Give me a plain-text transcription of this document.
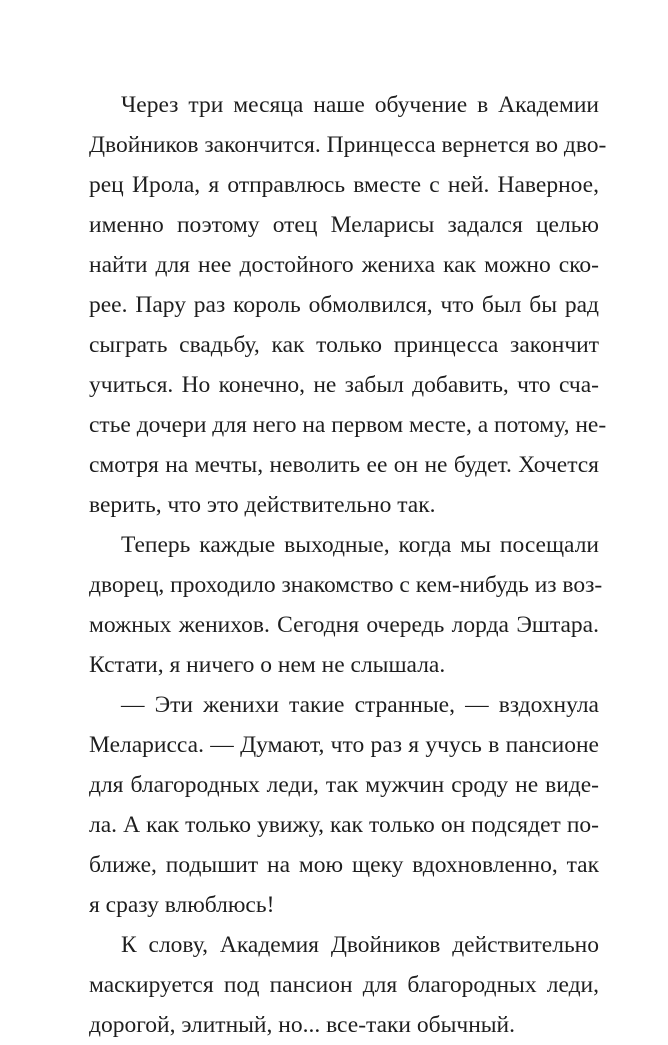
Через три месяца наше обучение в Академии
Двойников закончится. Принцесса вернется во дво-
рец Ирола, я отправлюсь вместе с ней. Наверное,
именно поэтому отец Меларисы задался целью
найти для нее достойного жениха как можно ско-
рее. Пару раз король обмолвился, что был бы рад
сыграть свадьбу, как только принцесса закончит
учиться. Но конечно, не забыл добавить, что сча-
стье дочери для него на первом месте, а потому, не-
смотря на мечты, неволить ее он не будет. Хочется
верить, что это действительно так.
Теперь каждые выходные, когда мы посещали
дворец, проходило знакомство с кем-нибудь из воз-
можных женихов. Сегодня очередь лорда Эштара.
Кстати, я ничего о нем не слышала.
— Эти женихи такие странные, — вздохнула
Меларисса. — Думают, что раз я учусь в пансионе
для благородных леди, так мужчин сроду не виде-
ла. А как только увижу, как только он подсядет по-
ближе, подышит на мою щеку вдохновленно, так
я сразу влюблюсь!
К слову, Академия Двойников действительно
маскируется под пансион для благородных леди,
дорогой, элитный, но... все-таки обычный.
